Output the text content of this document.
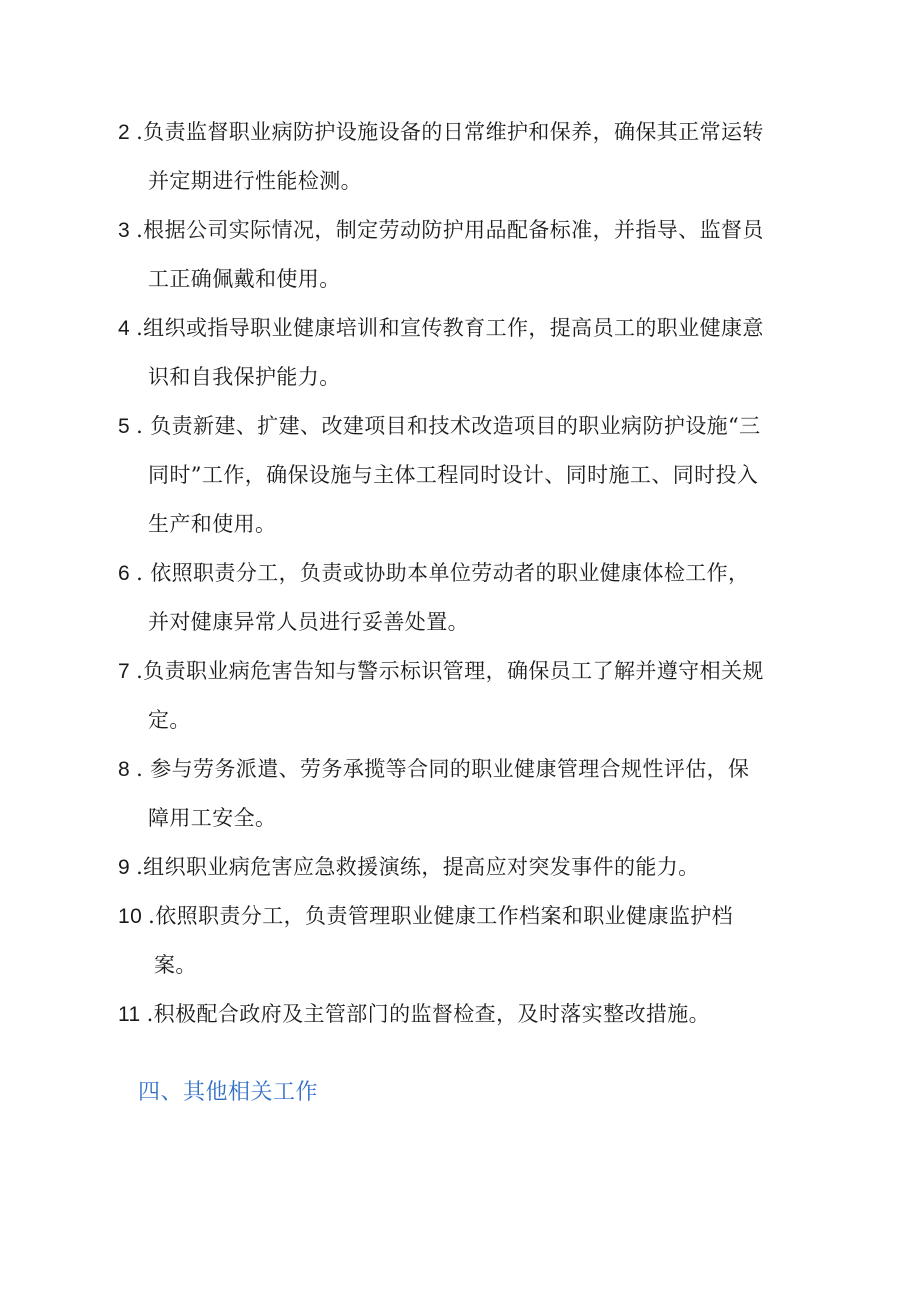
2 .负责监督职业病防护设施设备的日常维护和保养，确保其正常运转
并定期进行性能检测。
3 .根据公司实际情况，制定劳动防护用品配备标准，并指导、监督员
工正确佩戴和使用。
4 .组织或指导职业健康培训和宣传教育工作，提高员工的职业健康意
识和自我保护能力。
5 . 负责新建、扩建、改建项目和技术改造项目的职业病防护设施“三
同时”工作，确保设施与主体工程同时设计、同时施工、同时投入
生产和使用。
6 . 依照职责分工，负责或协助本单位劳动者的职业健康体检工作，
并对健康异常人员进行妥善处置。
7 .负责职业病危害告知与警示标识管理，确保员工了解并遵守相关规
定。
8 . 参与劳务派遣、劳务承揽等合同的职业健康管理合规性评估，保
障用工安全。
9 .组织职业病危害应急救援演练，提高应对突发事件的能力。
10 .依照职责分工，负责管理职业健康工作档案和职业健康监护档
案。
11 .积极配合政府及主管部门的监督检查，及时落实整改措施。
四、其他相关工作
